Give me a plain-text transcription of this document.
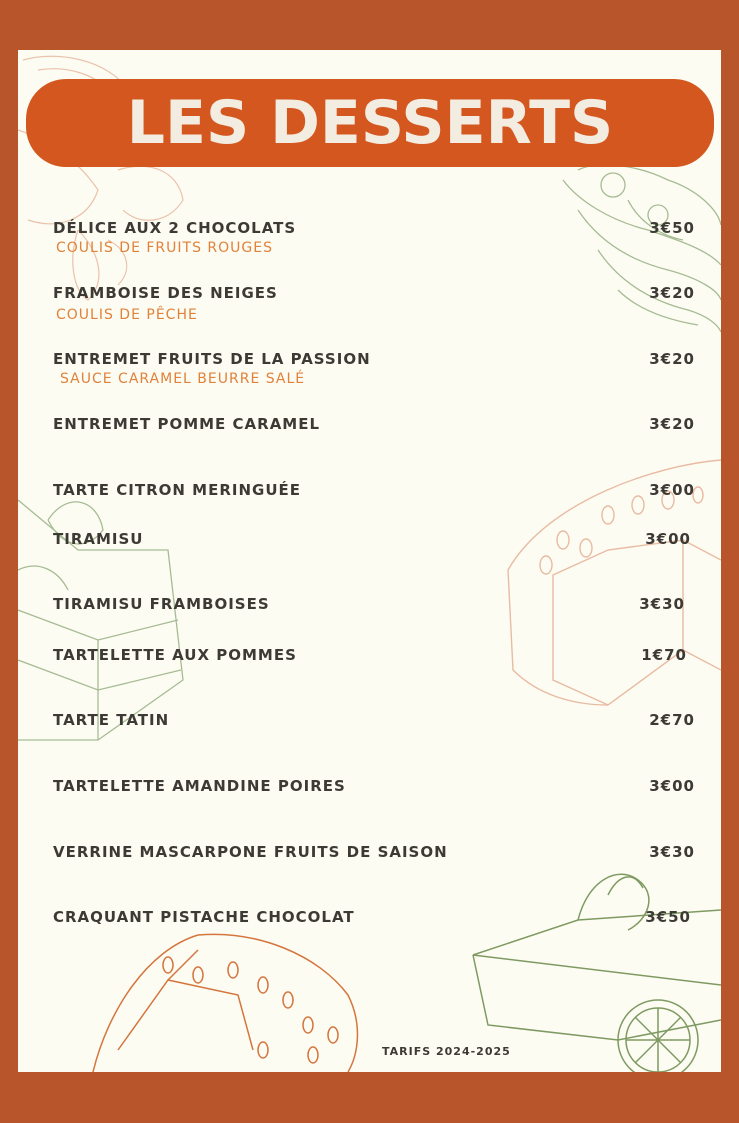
LES DESSERTS
DÉLICE AUX 2 CHOCOLATS	3€50
COULIS DE FRUITS ROUGES
FRAMBOISE DES NEIGES	3€20
COULIS DE PÊCHE
ENTREMET FRUITS DE LA PASSION	3€20
SAUCE CARAMEL BEURRE SALÉ
ENTREMET POMME CARAMEL	3€20
TARTE CITRON MERINGUÉE	3€00
TIRAMISU	3€00
TIRAMISU FRAMBOISES	3€30
TARTELETTE AUX POMMES	1€70
TARTE TATIN	2€70
TARTELETTE AMANDINE POIRES	3€00
VERRINE MASCARPONE FRUITS DE SAISON	3€30
CRAQUANT PISTACHE CHOCOLAT	3€50
TARIFS 2024-2025
